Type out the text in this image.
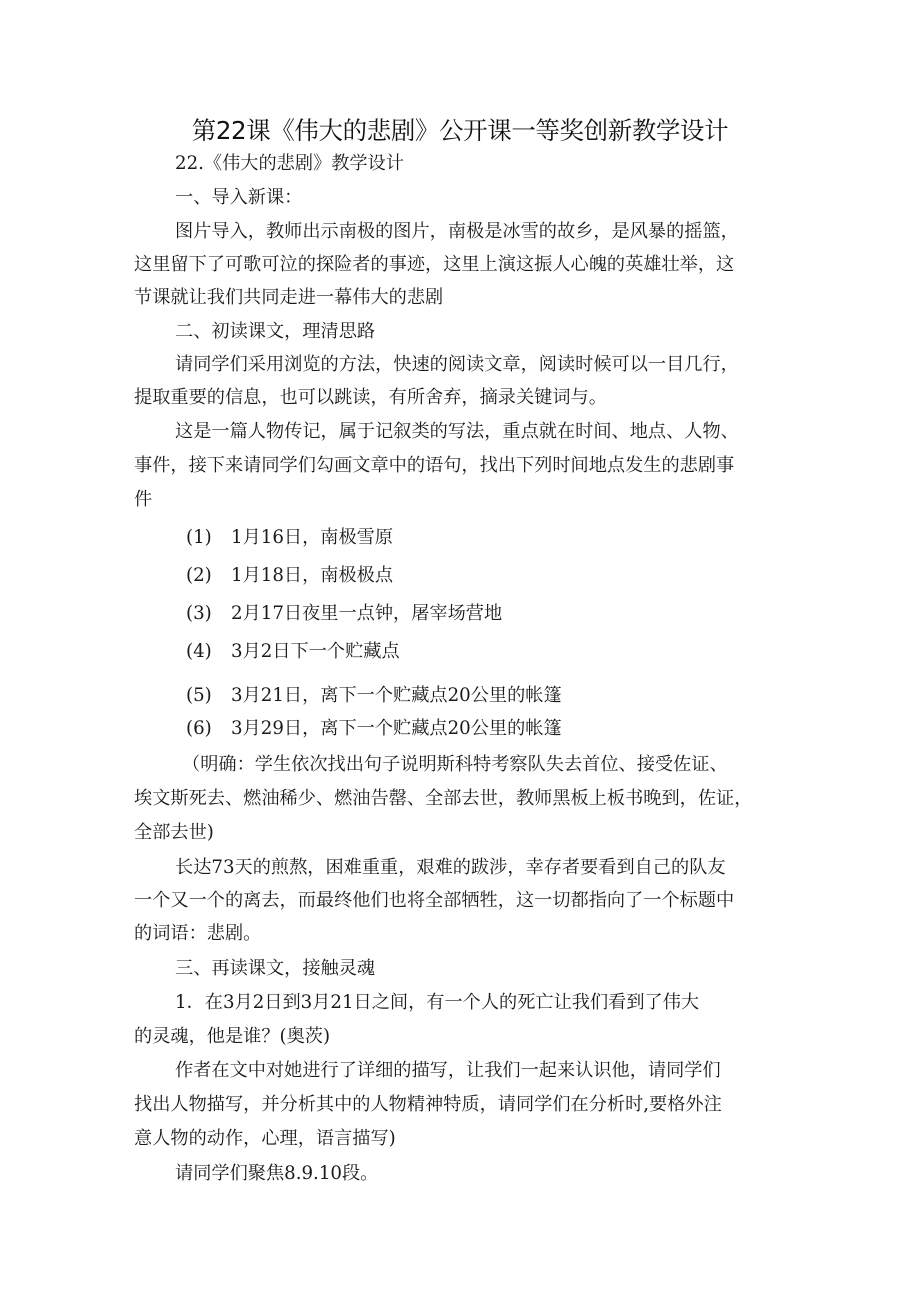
第22课《伟大的悲剧》公开课一等奖创新教学设计
22.《伟大的悲剧》教学设计
一、导入新课：
图片导入，教师出示南极的图片，南极是冰雪的故乡，是风暴的摇篮，
这里留下了可歌可泣的探险者的事迹，这里上演这振人心魄的英雄壮举，这
节课就让我们共同走进一幕伟大的悲剧
二、初读课文，理清思路
请同学们采用浏览的方法，快速的阅读文章，阅读时候可以一目几行，
提取重要的信息，也可以跳读，有所舍弃，摘录关键词与。
这是一篇人物传记，属于记叙类的写法，重点就在时间、地点、人物、
事件，接下来请同学们勾画文章中的语句，找出下列时间地点发生的悲剧事
件
(1) 1月16日，南极雪原
(2) 1月18日，南极极点
(3) 2月17日夜里一点钟，屠宰场营地
(4) 3月2日下一个贮藏点
(5) 3月21日，离下一个贮藏点20公里的帐篷
(6) 3月29日，离下一个贮藏点20公里的帐篷
（明确：学生依次找出句子说明斯科特考察队失去首位、接受佐证、
埃文斯死去、燃油稀少、燃油告罄、全部去世，教师黑板上板书晚到，佐证，
全部去世)
长达73天的煎熬，困难重重，艰难的跋涉，幸存者要看到自己的队友
一个又一个的离去，而最终他们也将全部牺牲，这一切都指向了一个标题中
的词语：悲剧。
三、再读课文，接触灵魂
1．在3月2日到3月21日之间，有一个人的死亡让我们看到了伟大
的灵魂，他是谁？(奥茨)
作者在文中对她进行了详细的描写，让我们一起来认识他，请同学们
找出人物描写，并分析其中的人物精神特质，请同学们在分析时,要格外注
意人物的动作，心理，语言描写)
请同学们聚焦8.9.10段。
